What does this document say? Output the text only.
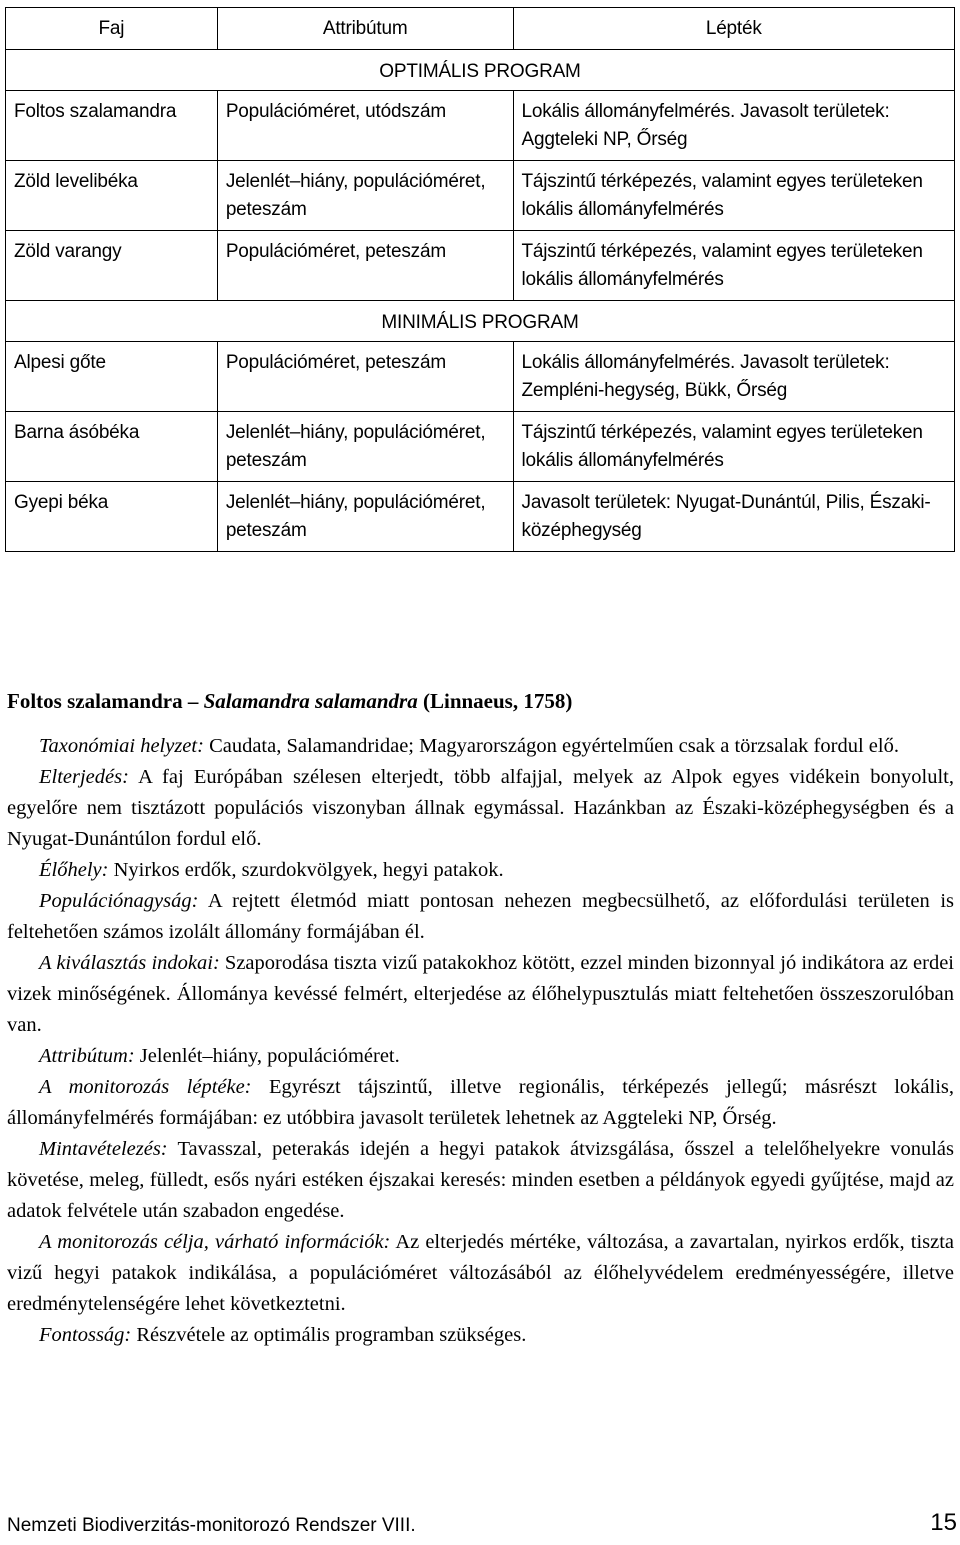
Faj	Attribútum	Lépték
OPTIMÁLIS PROGRAM		
Foltos szalamandra	Populációméret, utódszám	Lokális állományfelmérés. Javasolt területek: Aggteleki NP, Őrség
Zöld levelibéka	Jelenlét–hiány, populációméret, peteszám	Tájszintű térképezés, valamint egyes területeken lokális állományfelmérés
Zöld varangy	Populációméret, peteszám	Tájszintű térképezés, valamint egyes területeken lokális állományfelmérés
MINIMÁLIS PROGRAM		
Alpesi gőte	Populációméret, peteszám	Lokális állományfelmérés. Javasolt területek: Zempléni-hegység, Bükk, Őrség
Barna ásóbéka	Jelenlét–hiány, populációméret, peteszám	Tájszintű térképezés, valamint egyes területeken lokális állományfelmérés
Gyepi béka	Jelenlét–hiány, populációméret, peteszám	Javasolt területek: Nyugat-Dunántúl, Pilis, Északi-középhegység
Foltos szalamandra – Salamandra salamandra (Linnaeus, 1758)

Taxonómiai helyzet: Caudata, Salamandridae; Magyarországon egyértelműen csak a törzsalak fordul elő.

Elterjedés: A faj Európában szélesen elterjedt, több alfajjal, melyek az Alpok egyes vidékein bonyolult, egyelőre nem tisztázott populációs viszonyban állnak egymással. Hazánkban az Északi-középhegységben és a Nyugat-Dunántúlon fordul elő.

Élőhely: Nyirkos erdők, szurdokvölgyek, hegyi patakok.

Populációnagyság: A rejtett életmód miatt pontosan nehezen megbecsülhető, az előfordulási területen is feltehetően számos izolált állomány formájában él.

A kiválasztás indokai: Szaporodása tiszta vizű patakokhoz kötött, ezzel minden bizonnyal jó indikátora az erdei vizek minőségének. Állománya kevéssé felmért, elterjedése az élőhelypusztulás miatt feltehetően összeszorulóban van.

Attribútum: Jelenlét–hiány, populációméret.

A monitorozás léptéke: Egyrészt tájszintű, illetve regionális, térképezés jellegű; másrészt lokális, állományfelmérés formájában: ez utóbbira javasolt területek lehetnek az Aggteleki NP, Őrség.

Mintavételezés: Tavasszal, peterakás idején a hegyi patakok átvizsgálása, ősszel a telelőhelyekre vonulás követése, meleg, fülledt, esős nyári estéken éjszakai keresés: minden esetben a példányok egyedi gyűjtése, majd az adatok felvétele után szabadon engedése.

A monitorozás célja, várható információk: Az elterjedés mértéke, változása, a zavartalan, nyirkos erdők, tiszta vizű hegyi patakok indikálása, a populációméret változásából az élőhelyvédelem eredményességére, illetve eredménytelenségére lehet következtetni.

Fontosság: Részvétele az optimális programban szükséges.

Nemzeti Biodiverzitás-monitorozó Rendszer VIII.	15
